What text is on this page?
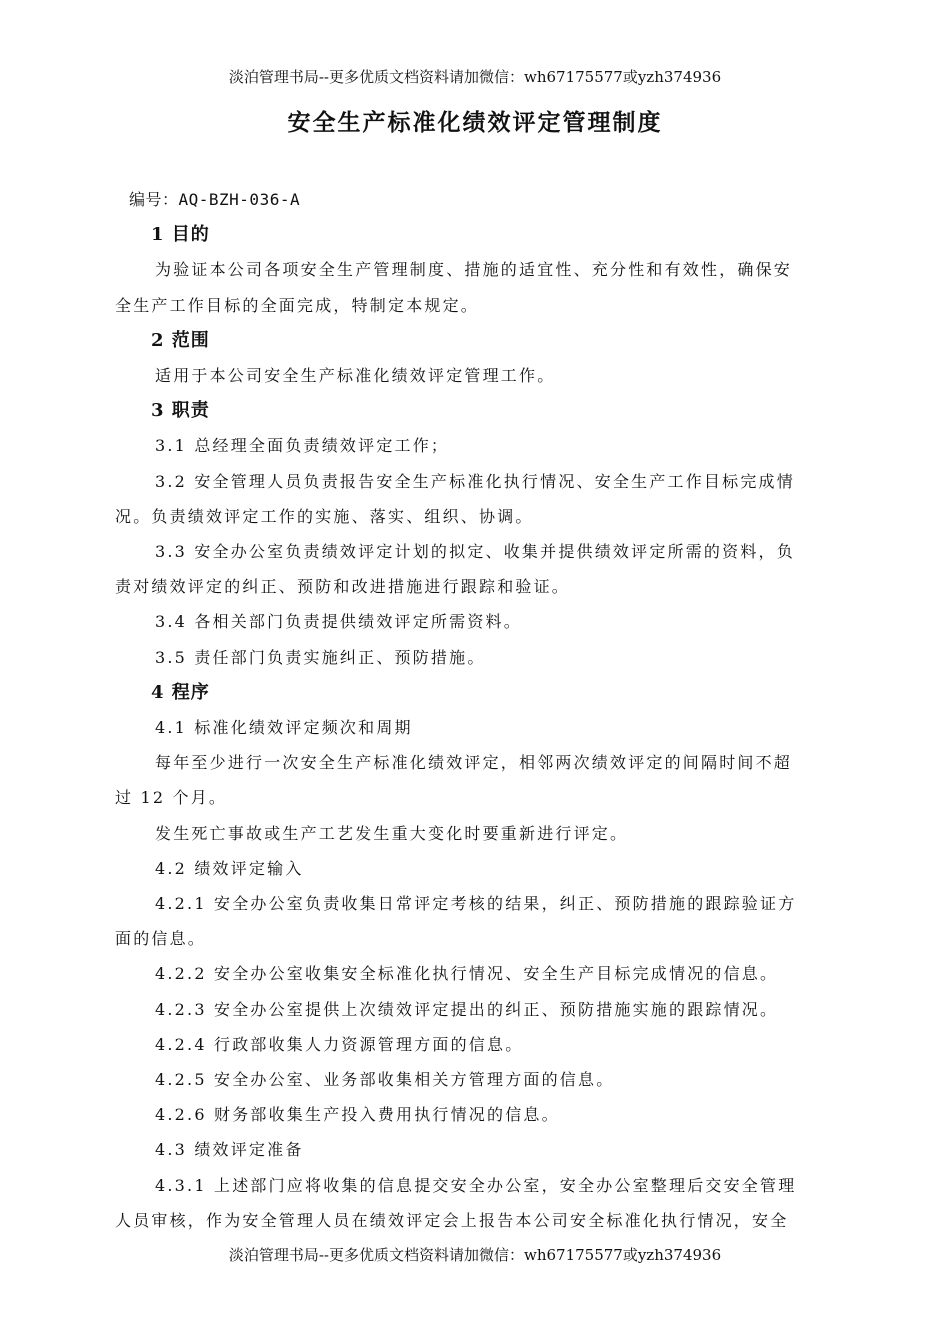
淡泊管理书局--更多优质文档资料请加微信：wh67175577或yzh374936
安全生产标准化绩效评定管理制度
编号：AQ-BZH-036-A
1 目的
为验证本公司各项安全生产管理制度、措施的适宜性、充分性和有效性，确保安
全生产工作目标的全面完成，特制定本规定。
2 范围
适用于本公司安全生产标准化绩效评定管理工作。
3 职责
3.1 总经理全面负责绩效评定工作；
3.2 安全管理人员负责报告安全生产标准化执行情况、安全生产工作目标完成情
况。负责绩效评定工作的实施、落实、组织、协调。
3.3 安全办公室负责绩效评定计划的拟定、收集并提供绩效评定所需的资料，负
责对绩效评定的纠正、预防和改进措施进行跟踪和验证。
3.4 各相关部门负责提供绩效评定所需资料。
3.5 责任部门负责实施纠正、预防措施。
4 程序
4.1 标准化绩效评定频次和周期
每年至少进行一次安全生产标准化绩效评定，相邻两次绩效评定的间隔时间不超
过 12 个月。
发生死亡事故或生产工艺发生重大变化时要重新进行评定。
4.2 绩效评定输入
4.2.1 安全办公室负责收集日常评定考核的结果，纠正、预防措施的跟踪验证方
面的信息。
4.2.2 安全办公室收集安全标准化执行情况、安全生产目标完成情况的信息。
4.2.3 安全办公室提供上次绩效评定提出的纠正、预防措施实施的跟踪情况。
4.2.4 行政部收集人力资源管理方面的信息。
4.2.5 安全办公室、业务部收集相关方管理方面的信息。
4.2.6 财务部收集生产投入费用执行情况的信息。
4.3 绩效评定准备
4.3.1 上述部门应将收集的信息提交安全办公室，安全办公室整理后交安全管理
人员审核，作为安全管理人员在绩效评定会上报告本公司安全标准化执行情况，安全
淡泊管理书局--更多优质文档资料请加微信：wh67175577或yzh374936
